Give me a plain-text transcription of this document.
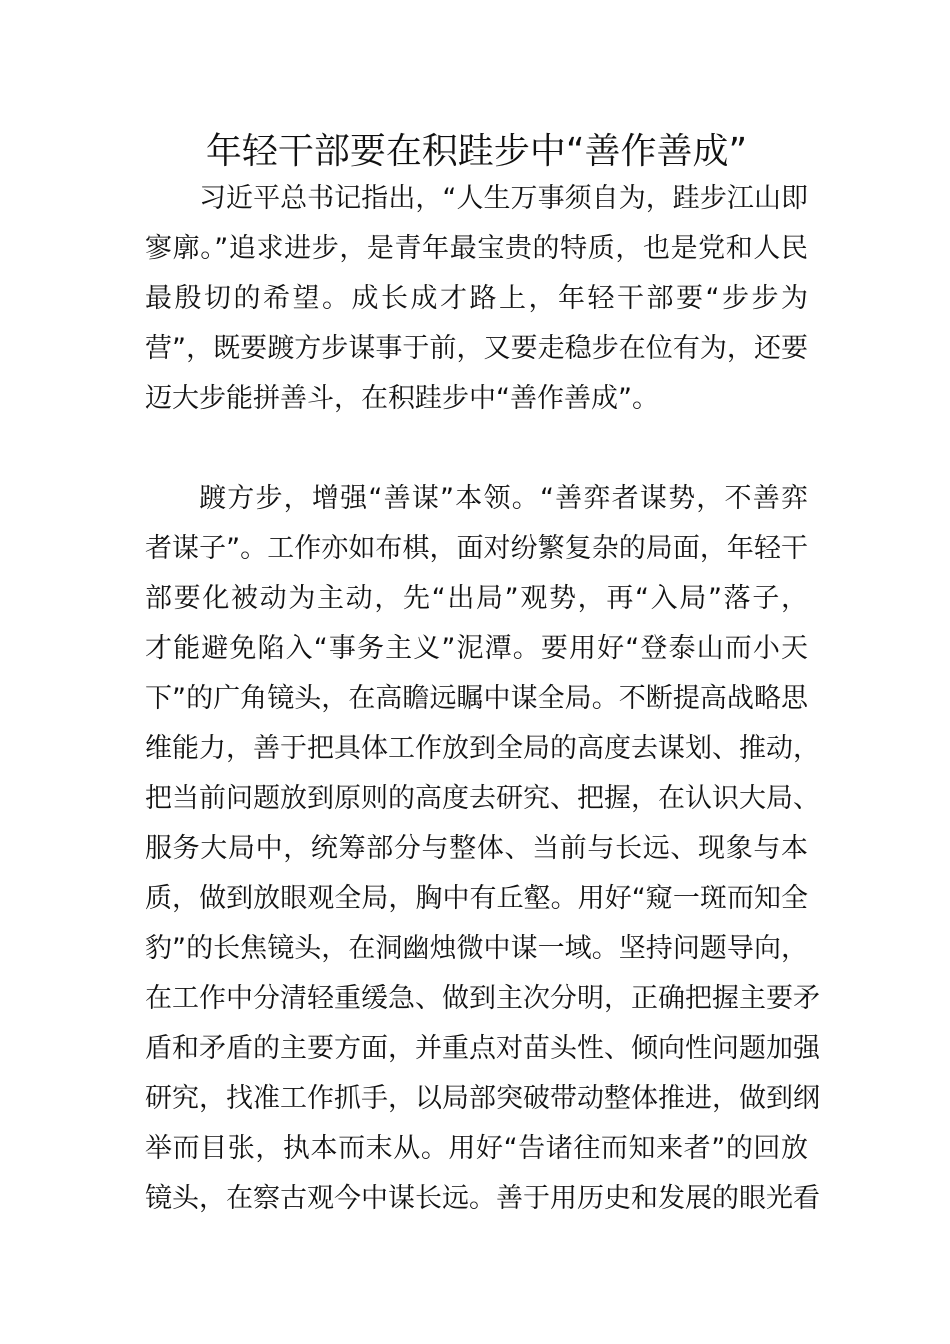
年轻干部要在积跬步中“善作善成”

习近平总书记指出，“人生万事须自为，跬步江山即

寥廓。”追求进步，是青年最宝贵的特质，也是党和人民

最殷切的希望。成长成才路上，年轻干部要“步步为

营”，既要踱方步谋事于前，又要走稳步在位有为，还要

迈大步能拼善斗，在积跬步中“善作善成”。

踱方步，增强“善谋”本领。“善弈者谋势，不善弈

者谋子”。工作亦如布棋，面对纷繁复杂的局面，年轻干

部要化被动为主动，先“出局”观势，再“入局”落子，

才能避免陷入“事务主义”泥潭。要用好“登泰山而小天

下”的广角镜头，在高瞻远瞩中谋全局。不断提高战略思

维能力，善于把具体工作放到全局的高度去谋划、推动，

把当前问题放到原则的高度去研究、把握，在认识大局、

服务大局中，统筹部分与整体、当前与长远、现象与本

质，做到放眼观全局，胸中有丘壑。用好“窥一斑而知全

豹”的长焦镜头，在洞幽烛微中谋一域。坚持问题导向，

在工作中分清轻重缓急、做到主次分明，正确把握主要矛

盾和矛盾的主要方面，并重点对苗头性、倾向性问题加强

研究，找准工作抓手，以局部突破带动整体推进，做到纲

举而目张，执本而末从。用好“告诸往而知来者”的回放

镜头，在察古观今中谋长远。善于用历史和发展的眼光看
